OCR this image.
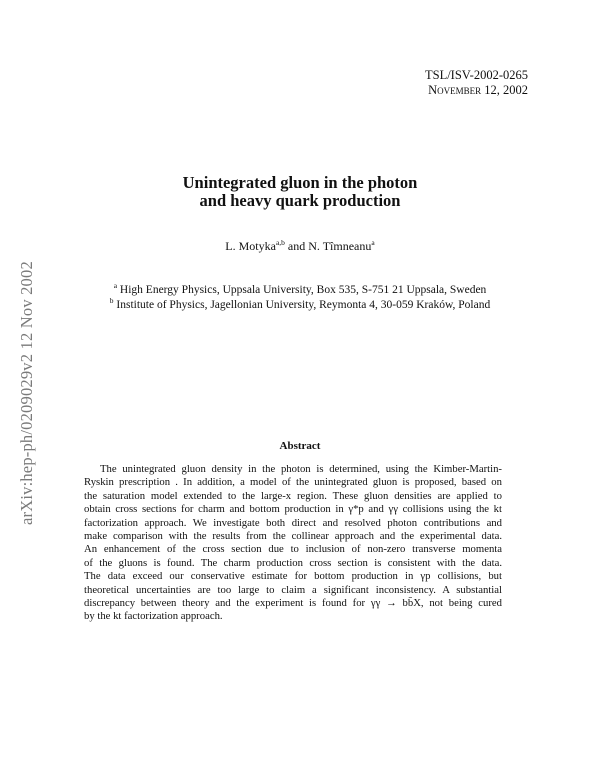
arXiv:hep-ph/0209029v2 12 Nov 2002
TSL/ISV-2002-0265
November 12, 2002
Unintegrated gluon in the photon
and heavy quark production
L. Motyka$^{a,b}$ and N. Tîmneanu$^a$
$^a$ High Energy Physics, Uppsala University, Box 535, S-751 21 Uppsala, Sweden
$^b$ Institute of Physics, Jagellonian University, Reymonta 4, 30-059 Kraków, Poland
Abstract
The unintegrated gluon density in the photon is determined, using the Kimber-Martin-
Ryskin prescription . In addition, a model of the unintegrated gluon is proposed, based on
the saturation model extended to the large-x region. These gluon densities are applied to
obtain cross sections for charm and bottom production in γ*p and γγ collisions using the kt
factorization approach. We investigate both direct and resolved photon contributions and
make comparison with the results from the collinear approach and the experimental data.
An enhancement of the cross section due to inclusion of non-zero transverse momenta
of the gluons is found. The charm production cross section is consistent with the data.
The data exceed our conservative estimate for bottom production in γp collisions, but
theoretical uncertainties are too large to claim a significant inconsistency. A substantial
discrepancy between theory and the experiment is found for γγ → bb̄X, not being cured
by the kt factorization approach.
